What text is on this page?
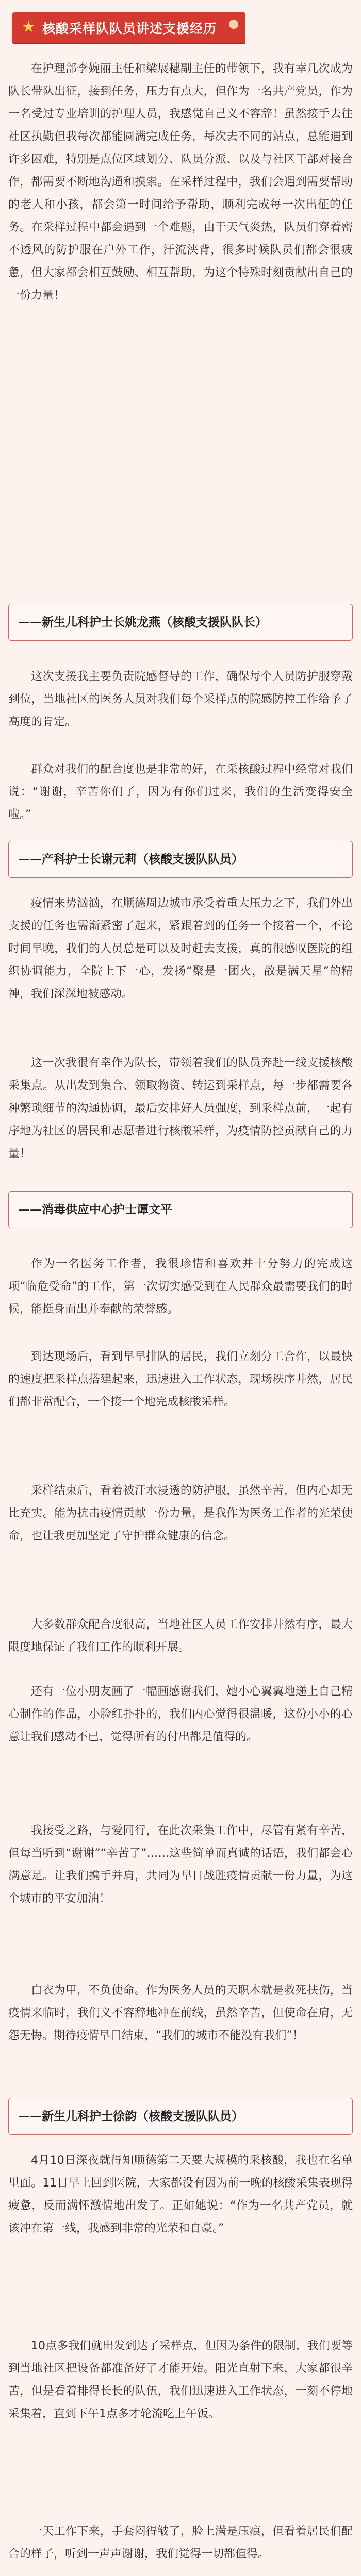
★ 核酸采样队队员讲述支援经历

在护理部李婉丽主任和梁展穗副主任的带领下，我有幸几次成为队长带队出征，接到任务，压力有点大，但作为一名共产党员，作为一名受过专业培训的护理人员，我感觉自己义不容辞！虽然接手去往社区执勤但我每次都能圆满完成任务，每次去不同的站点，总能遇到许多困难，特别是点位区域划分、队员分派、以及与社区干部对接合作，都需要不断地沟通和摸索。在采样过程中，我们会遇到需要帮助的老人和小孩，都会第一时间给予帮助，顺利完成每一次出征的任务。在采样过程中都会遇到一个难题，由于天气炎热，队员们穿着密不透风的防护服在户外工作，汗流浃背，很多时候队员们都会很疲惫，但大家都会相互鼓励、相互帮助，为这个特殊时刻贡献出自己的一份力量！

——新生儿科护士长姚龙燕（核酸支援队队长）

这次支援我主要负责院感督导的工作，确保每个人员防护服穿戴到位，当地社区的医务人员对我们每个采样点的院感防控工作给予了高度的肯定。

群众对我们的配合度也是非常的好，在采核酸过程中经常对我们说：“谢谢，辛苦你们了，因为有你们过来，我们的生活变得安全啦。”

——产科护士长谢元莉（核酸支援队队员）

疫情来势汹汹，在顺德周边城市承受着重大压力之下，我们外出支援的任务也需渐紧密了起来，紧跟着到的任务一个接着一个，不论时间早晚，我们的人员总是可以及时赶去支援，真的很感叹医院的组织协调能力，全院上下一心，发扬“聚是一团火，散是满天星”的精神，我们深深地被感动。

这一次我很有幸作为队长，带领着我们的队员奔赴一线支援核酸采集点。从出发到集合、领取物资、转运到采样点，每一步都需要各种繁琐细节的沟通协调，最后安排好人员强度，到采样点前，一起有序地为社区的居民和志愿者进行核酸采样，为疫情防控贡献自己的力量！

——消毒供应中心护士谭文平

作为一名医务工作者，我很珍惜和喜欢并十分努力的完成这项“临危受命”的工作，第一次切实感受到在人民群众最需要我们的时候，能挺身而出并奉献的荣誉感。

到达现场后，看到早早排队的居民，我们立刻分工合作，以最快的速度把采样点搭建起来，迅速进入工作状态，现场秩序井然，居民们都非常配合，一个接一个地完成核酸采样。

采样结束后，看着被汗水浸透的防护服，虽然辛苦，但内心却无比充实。能为抗击疫情贡献一份力量，是我作为医务工作者的光荣使命，也让我更加坚定了守护群众健康的信念。

大多数群众配合度很高，当地社区人员工作安排井然有序，最大限度地保证了我们工作的顺利开展。

还有一位小朋友画了一幅画感谢我们，她小心翼翼地递上自己精心制作的作品，小脸红扑扑的，我们内心觉得很温暖，这份小小的心意让我们感动不已，觉得所有的付出都是值得的。

我接受之路，与爱同行，在此次采集工作中，尽管有紧有辛苦，但每当听到“谢谢”“辛苦了”……这些简单而真诚的话语，我们都会心满意足。让我们携手并肩，共同为早日战胜疫情贡献一份力量，为这个城市的平安加油！

白衣为甲，不负使命。作为医务人员的天职本就是救死扶伤，当疫情来临时，我们义不容辞地冲在前线，虽然辛苦，但使命在肩，无怨无悔。期待疫情早日结束，“我们的城市不能没有我们”！

——新生儿科护士徐韵（核酸支援队队员）

4月10日深夜就得知顺德第二天要大规模的采核酸，我也在名单里面。11日早上回到医院，大家都没有因为前一晚的核酸采集表现得疲惫，反而满怀激情地出发了。正如她说：“作为一名共产党员，就该冲在第一线，我感到非常的光荣和自豪。”

10点多我们就出发到达了采样点，但因为条件的限制，我们要等到当地社区把设备都准备好了才能开始。阳光直射下来，大家都很辛苦，但是看着排得长长的队伍，我们迅速进入工作状态，一刻不停地采集着，直到下午1点多才轮流吃上午饭。

一天工作下来，手套闷得皱了，脸上满是压痕，但看着居民们配合的样子，听到一声声谢谢，我们觉得一切都值得。
